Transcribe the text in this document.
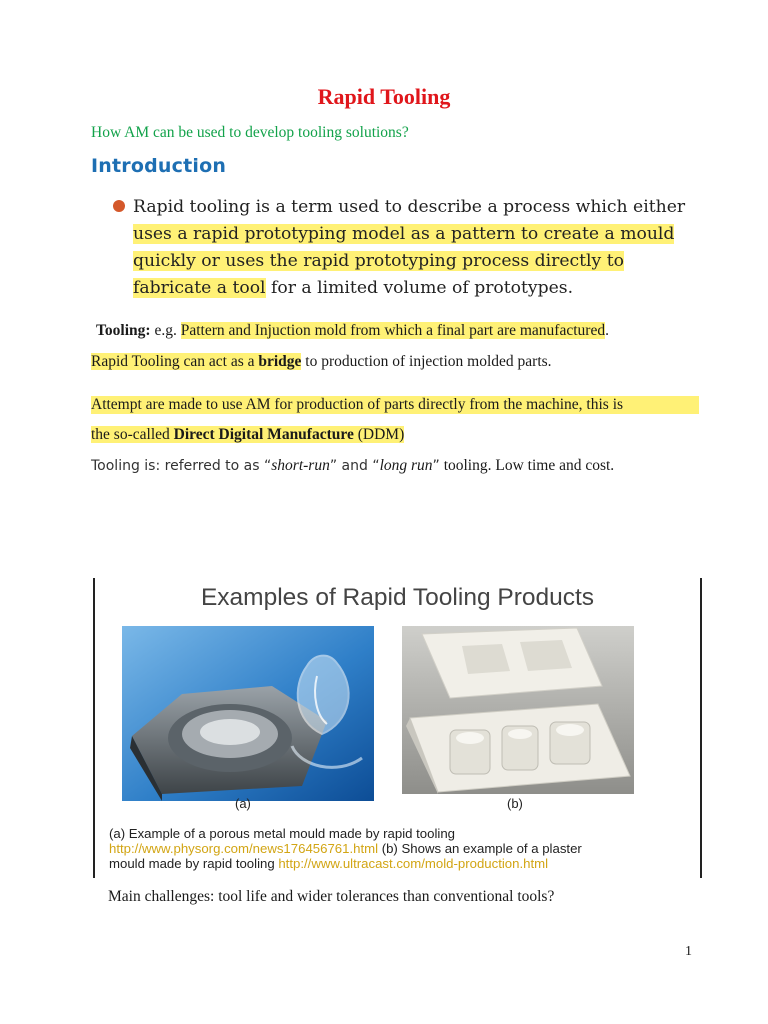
Rapid Tooling
How AM can be used to develop tooling solutions?
Introduction
Rapid tooling is a term used to describe a process which either uses a rapid prototyping model as a pattern to create a mould quickly or uses the rapid prototyping process directly to fabricate a tool for a limited volume of prototypes.
Tooling: e.g. Pattern and Injuction mold from which a final part are manufactured.
Rapid Tooling can act as a bridge to production of injection molded parts.
Attempt are made to use AM for production of parts directly from the machine, this is
the so-called Direct Digital Manufacture (DDM)
Tooling is: referred to as “short-run” and “long run” tooling. Low time and cost.
Examples of Rapid Tooling Products
(a)	(b)
(a) Example of a porous metal mould made by rapid tooling
http://www.physorg.com/news176456761.html (b) Shows an example of a plaster
mould made by rapid tooling http://www.ultracast.com/mold-production.html
Main challenges: tool life and wider tolerances than conventional tools?
1
